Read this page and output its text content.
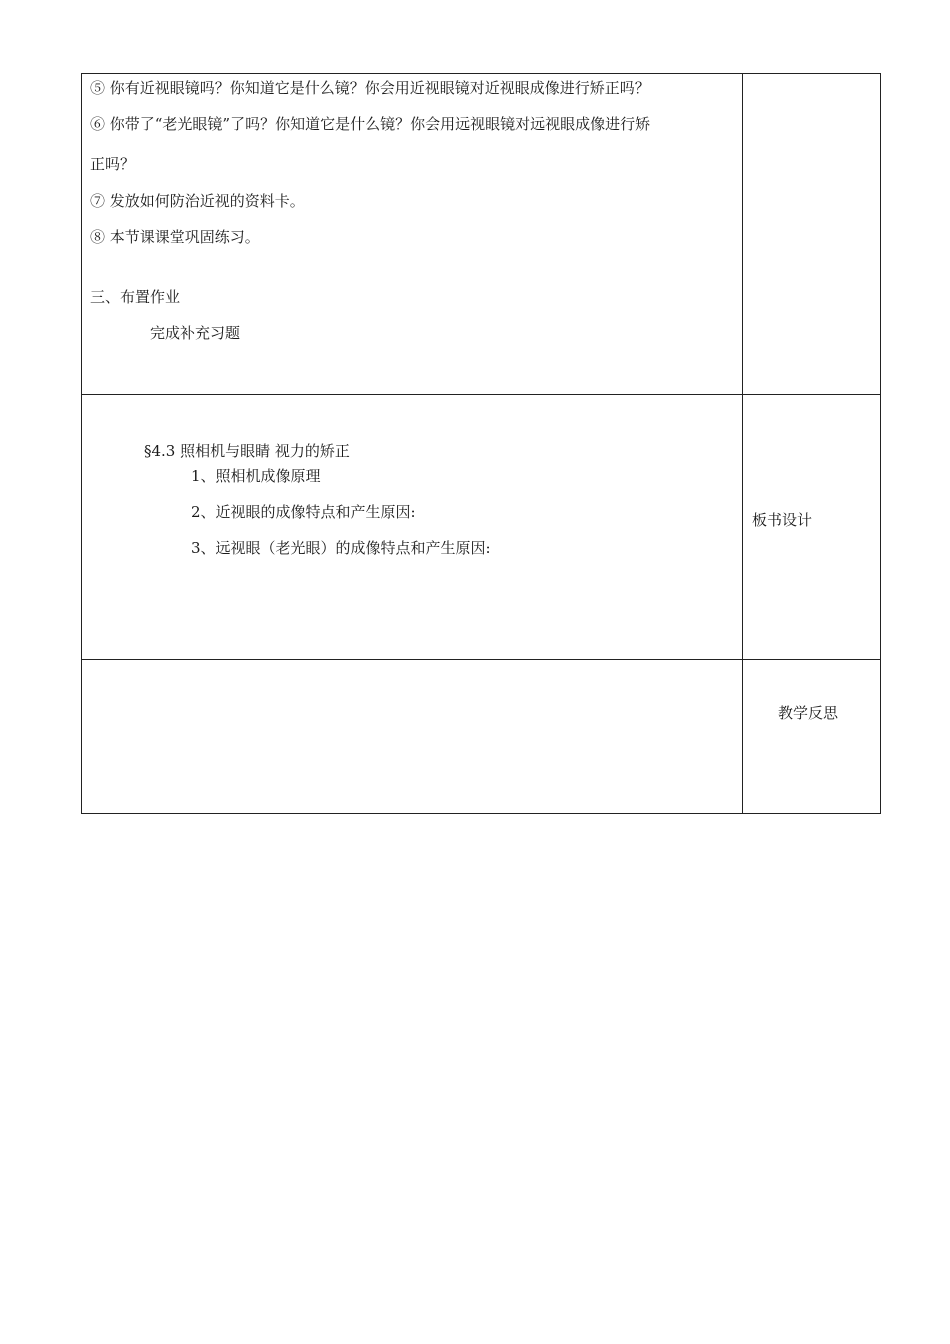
⑤ 你有近视眼镜吗？你知道它是什么镜？你会用近视眼镜对近视眼成像进行矫正吗？
⑥ 你带了“老光眼镜”了吗？你知道它是什么镜？你会用远视眼镜对远视眼成像进行矫
正吗？
⑦ 发放如何防治近视的资料卡。
⑧ 本节课课堂巩固练习。
三、布置作业
完成补充习题
§4.3 照相机与眼睛 视力的矫正
1、照相机成像原理
2、近视眼的成像特点和产生原因:
3、远视眼（老光眼）的成像特点和产生原因:
板书设计
教学反思
